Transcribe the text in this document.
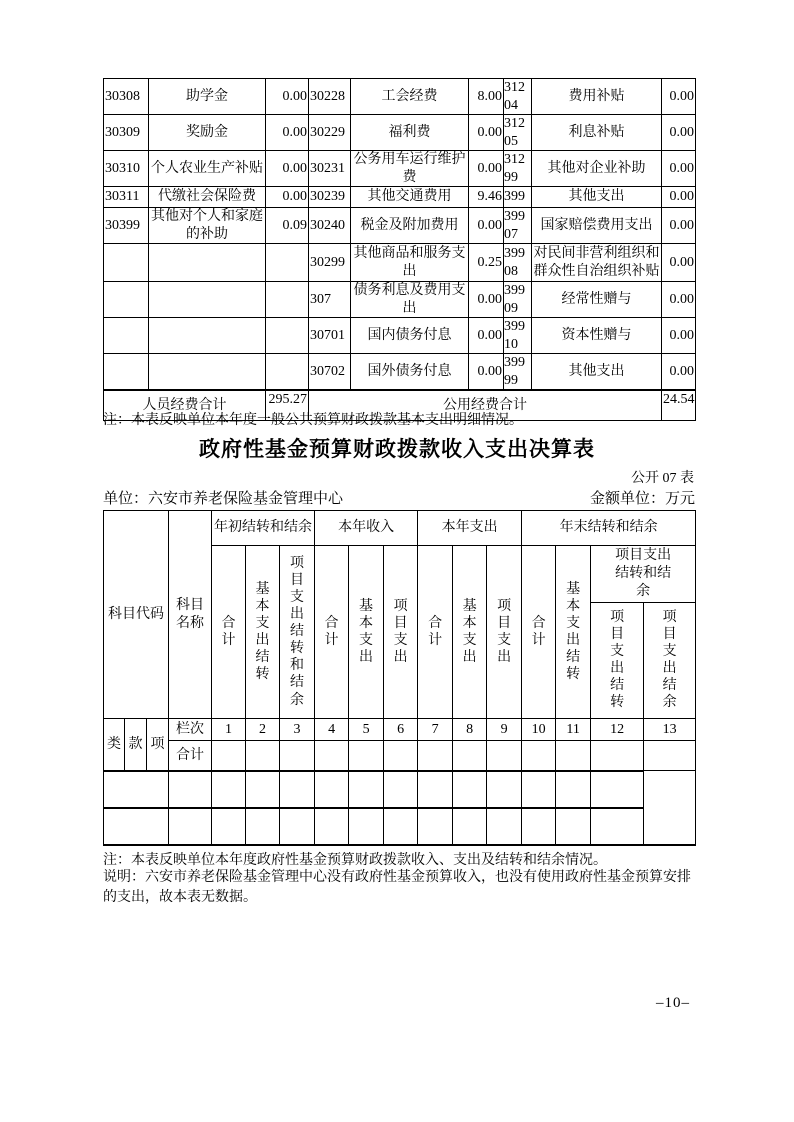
30308	助学金	0.00	30228	工会经费	8.00	31204	费用补贴	0.00
30309	奖励金	0.00	30229	福利费	0.00	31205	利息补贴	0.00
30310	个人农业生产补贴	0.00	30231	公务用车运行维护费	0.00	31299	其他对企业补助	0.00
30311	代缴社会保险费	0.00	30239	其他交通费用	9.46	399	其他支出	0.00
30399	其他对个人和家庭的补助	0.09	30240	税金及附加费用	0.00	39907	国家赔偿费用支出	0.00
			30299	其他商品和服务支出	0.25	39908	对民间非营利组织和群众性自治组织补贴	0.00
			307	债务利息及费用支出	0.00	39909	经常性赠与	0.00
			30701	国内债务付息	0.00	39910	资本性赠与	0.00
			30702	国外债务付息	0.00	39999	其他支出	0.00
人员经费合计		295.27	公用经费合计					24.54
注：本表反映单位本年度一般公共预算财政拨款基本支出明细情况。
政府性基金预算财政拨款收入支出决算表
公开 07 表
单位：六安市养老保险基金管理中心	金额单位：万元
科目代码			科目名称	年初结转和结余			本年收入			本年支出			年末结转和结余			
				合计	基本支出结转	项目支出结转和结余	合计	基本支出	项目支出	合计	基本支出	项目支出	合计	基本支出结转	项目支出结转和结余	
															项目支出结转	项目支出结余
类	款	项	栏次	1	2	3	4	5	6	7	8	9	10	11	12	13
			合计													

注：本表反映单位本年度政府性基金预算财政拨款收入、支出及结转和结余情况。
说明：六安市养老保险基金管理中心没有政府性基金预算收入，也没有使用政府性基金预算安排的支出，故本表无数据。
–10–
